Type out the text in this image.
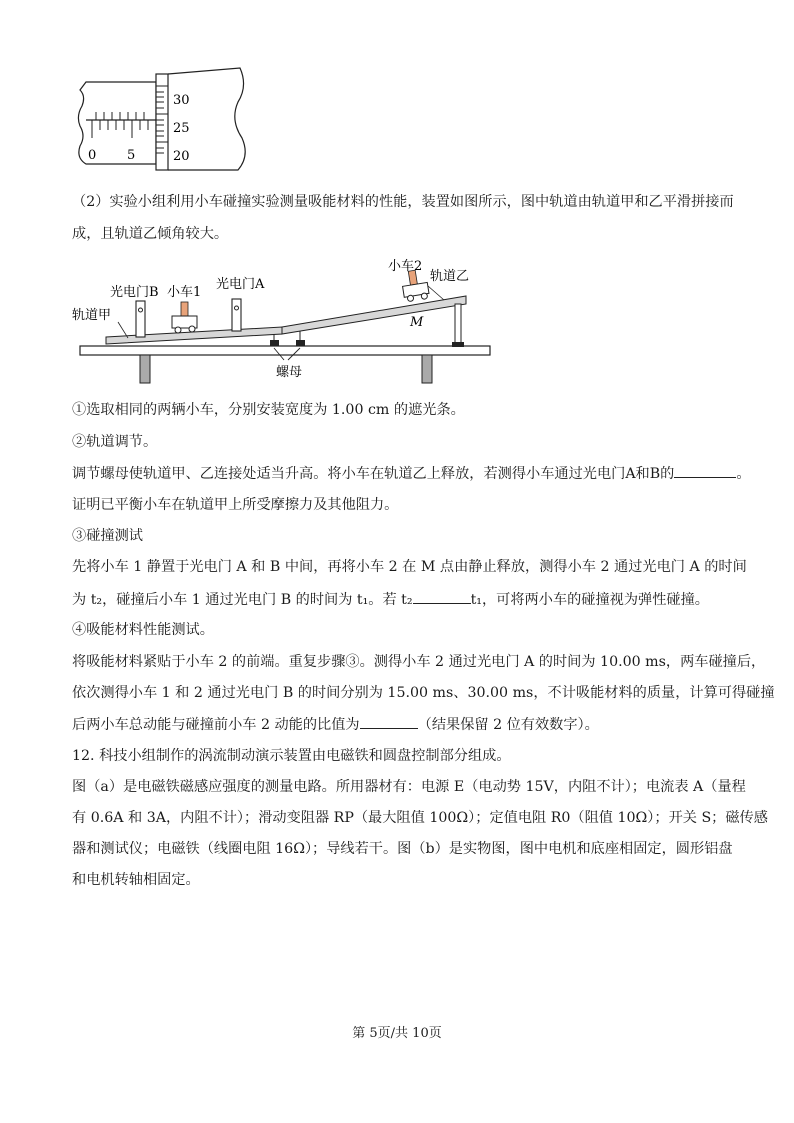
0 5
30
25
20
（2）实验小组利用小车碰撞实验测量吸能材料的性能，装置如图所示，图中轨道由轨道甲和乙平滑拼接而
成，且轨道乙倾角较大。
螺母
轨道甲
光电门B 小车1
光电门A
小车2
轨道乙
M
①选取相同的两辆小车，分别安装宽度为 1.00 cm 的遮光条。
②轨道调节。
调节螺母使轨道甲、乙连接处适当升高。将小车在轨道乙上释放，若测得小车通过光电门A和B的	。
证明已平衡小车在轨道甲上所受摩擦力及其他阻力。
③碰撞测试
先将小车 1 静置于光电门 A 和 B 中间，再将小车 2 在 M 点由静止释放，测得小车 2 通过光电门 A 的时间
为 t₂，碰撞后小车 1 通过光电门 B 的时间为 t₁。若 t₂	t₁，可将两小车的碰撞视为弹性碰撞。
④吸能材料性能测试。
将吸能材料紧贴于小车 2 的前端。重复步骤③。测得小车 2 通过光电门 A 的时间为 10.00 ms，两车碰撞后，
依次测得小车 1 和 2 通过光电门 B 的时间分别为 15.00 ms、30.00 ms，不计吸能材料的质量，计算可得碰撞
后两小车总动能与碰撞前小车 2 动能的比值为	（结果保留 2 位有效数字）。
12. 科技小组制作的涡流制动演示装置由电磁铁和圆盘控制部分组成。
图（a）是电磁铁磁感应强度的测量电路。所用器材有：电源 E（电动势 15V，内阻不计）；电流表 A（量程
有 0.6A 和 3A，内阻不计）；滑动变阻器 RP（最大阻值 100Ω）；定值电阻 R0（阻值 10Ω）；开关 S；磁传感
器和测试仪；电磁铁（线圈电阻 16Ω）；导线若干。图（b）是实物图，图中电机和底座相固定，圆形铝盘
和电机转轴相固定。
第 5页/共 10页
